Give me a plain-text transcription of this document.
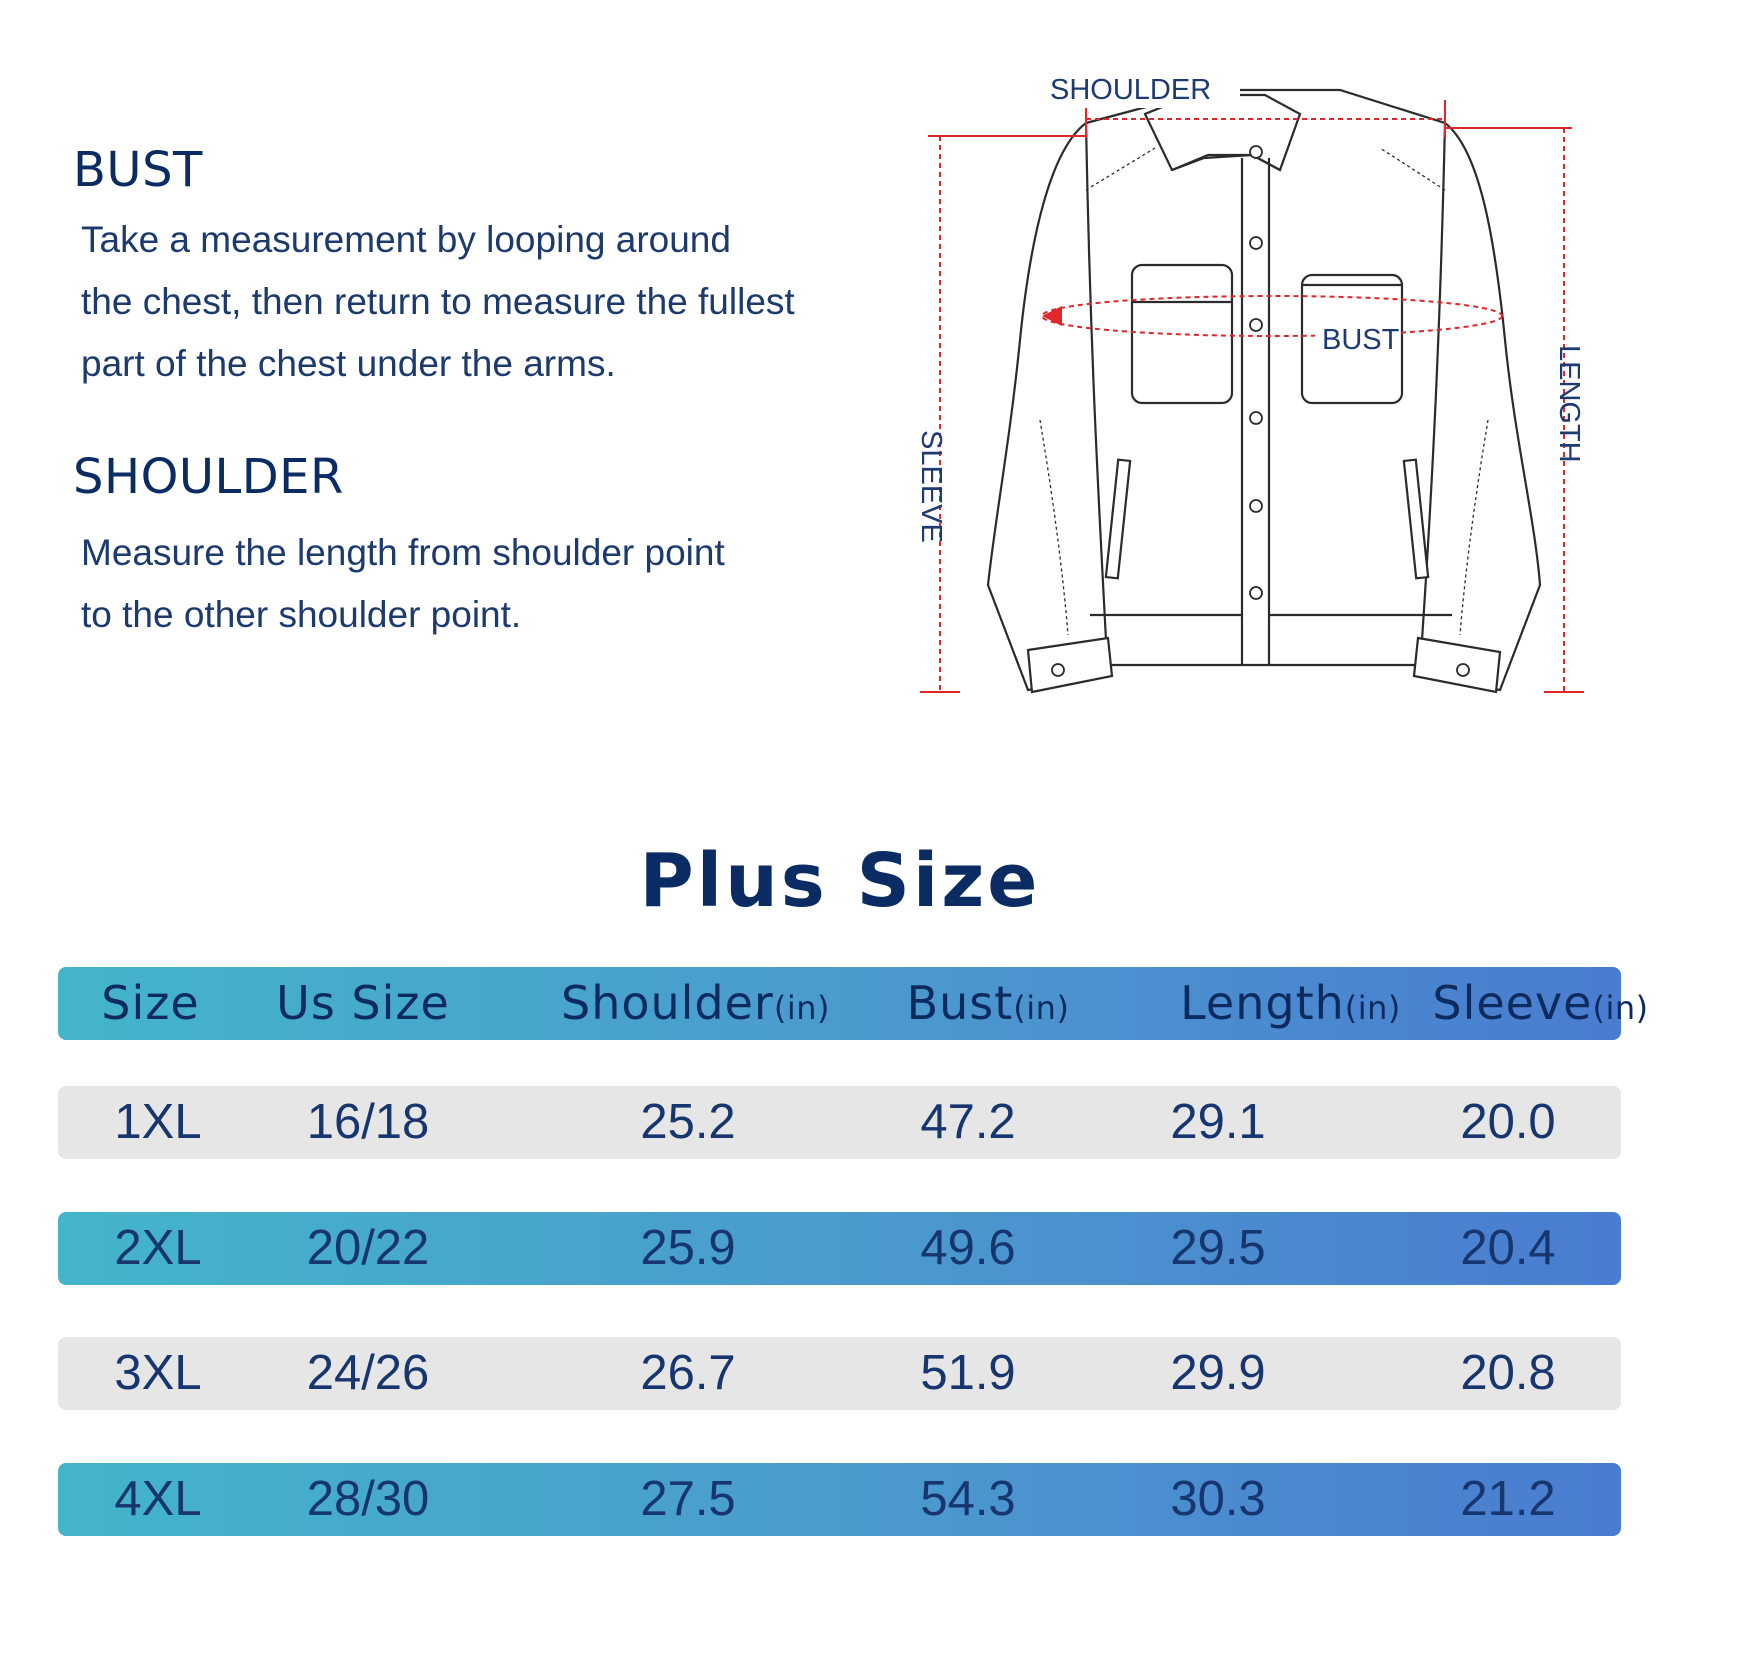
BUST

Take a measurement by looping around
the chest, then return to measure the fullest
part of the chest under the arms.

SHOULDER

Measure the length from shoulder point
to the other shoulder point.

SHOULDER
BUST
LENGTH
SLEEVE
Plus Size
Size	Us Size	Shoulder(in)	Bust(in)	Length(in) Sleeve(in)
1XL	16/18	25.2	47.2	29.1	20.0
2XL	20/22	25.9	49.6	29.5	20.4
3XL	24/26	26.7	51.9	29.9	20.8
4XL	28/30	27.5	54.3	30.3	21.2
